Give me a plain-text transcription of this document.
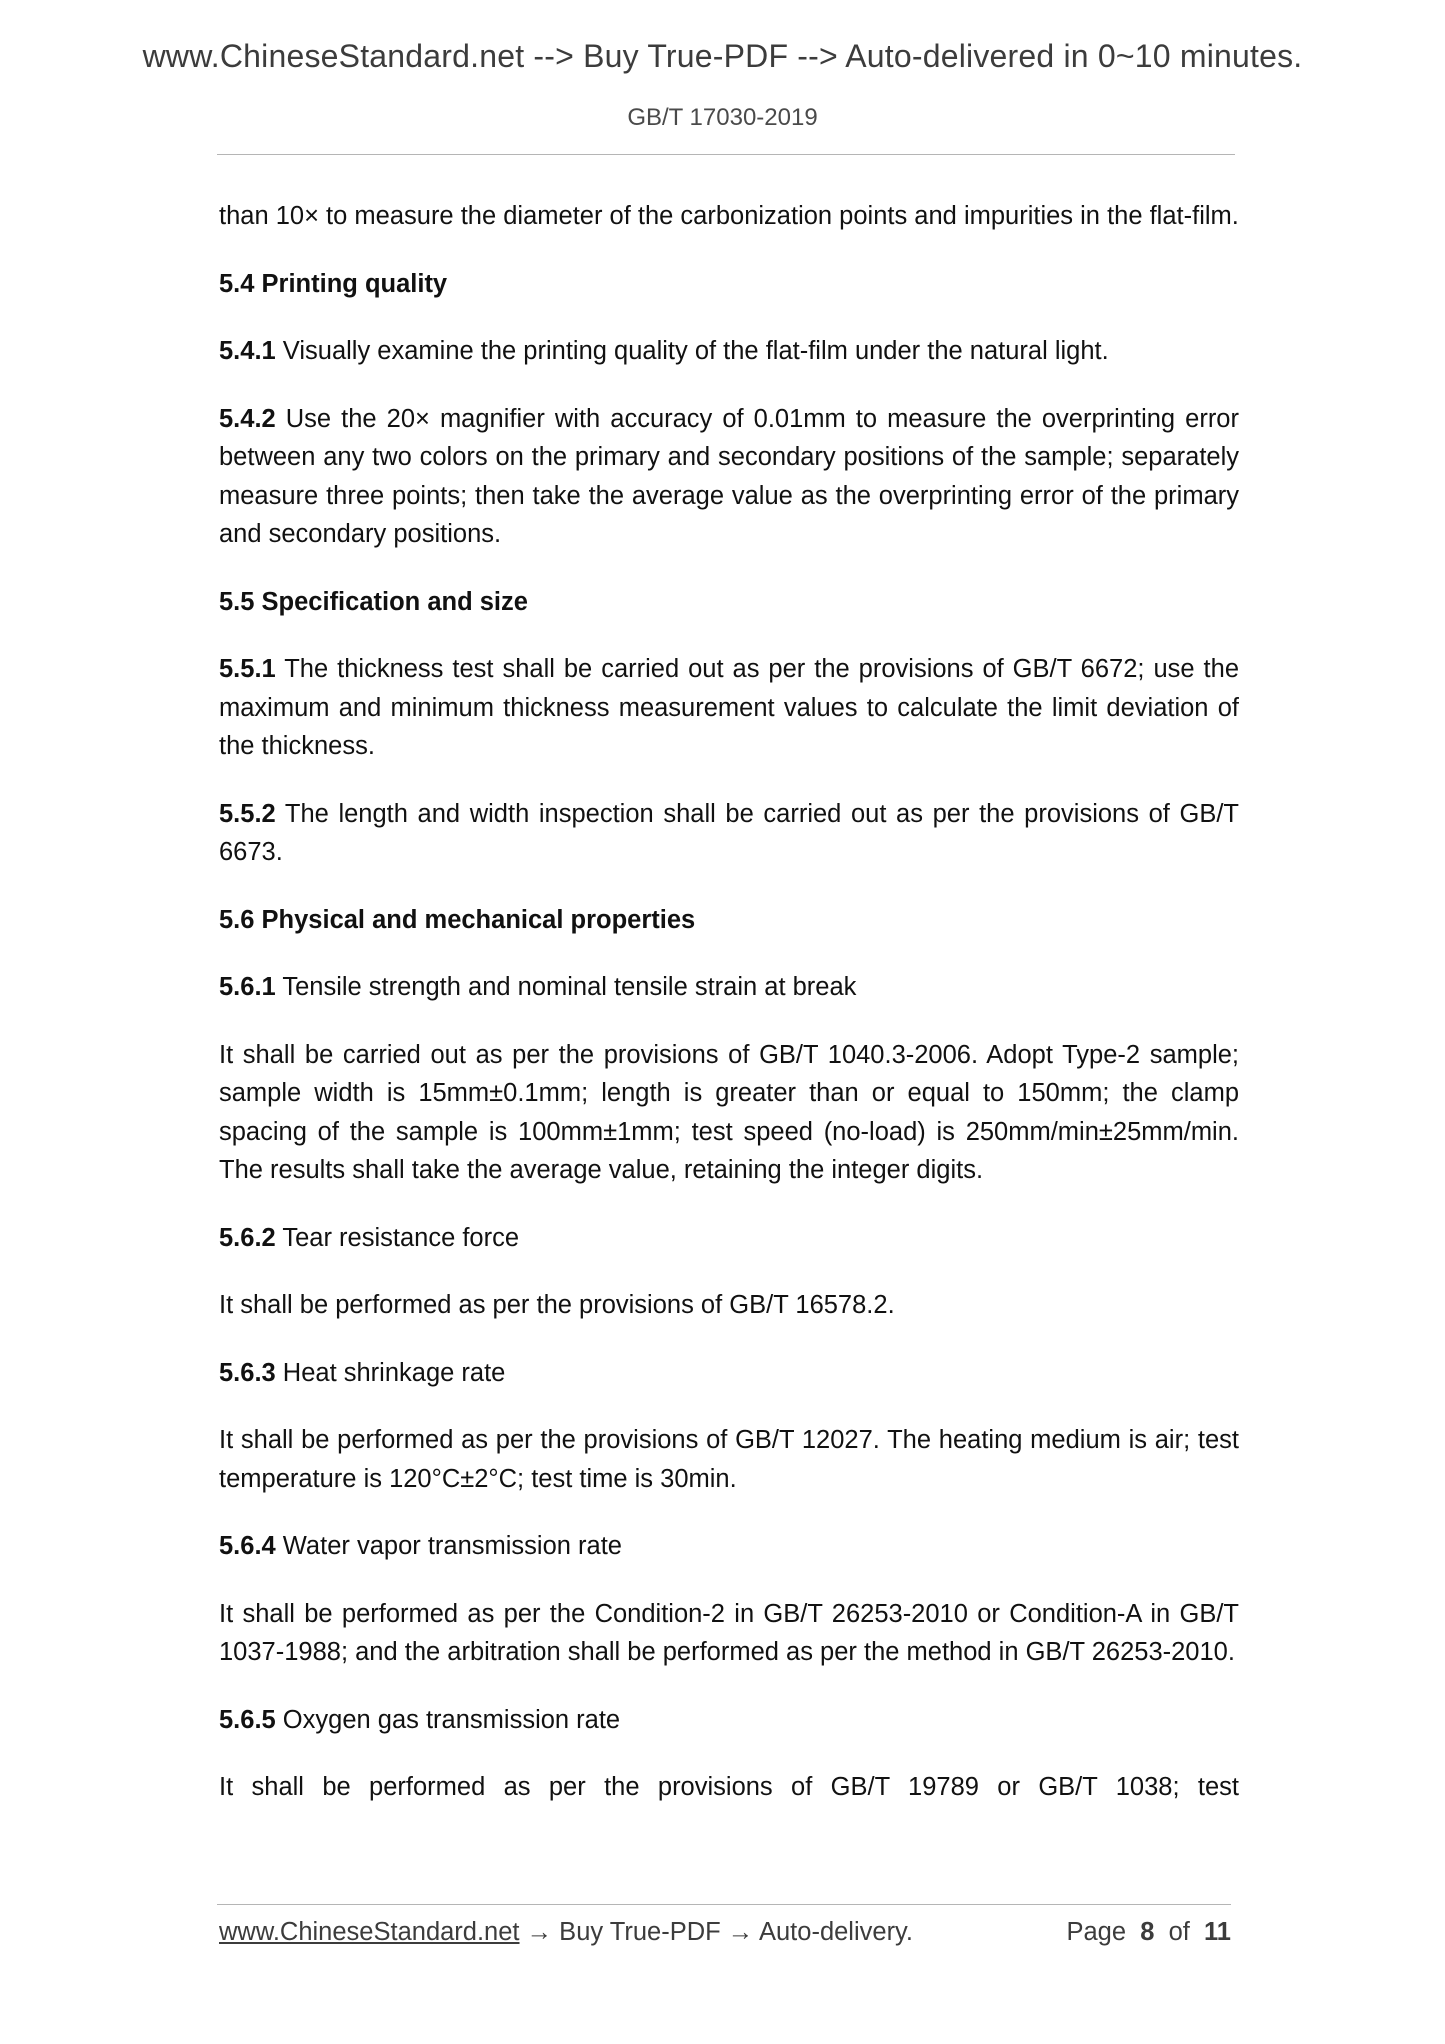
www.ChineseStandard.net --> Buy True-PDF --> Auto-delivered in 0~10 minutes.
GB/T 17030-2019

than 10× to measure the diameter of the carbonization points and impurities in the flat-film.

5.4 Printing quality

5.4.1 Visually examine the printing quality of the flat-film under the natural light.

5.4.2 Use the 20× magnifier with accuracy of 0.01mm to measure the overprinting error between any two colors on the primary and secondary positions of the sample; separately measure three points; then take the average value as the overprinting error of the primary and secondary positions.

5.5 Specification and size

5.5.1 The thickness test shall be carried out as per the provisions of GB/T 6672; use the maximum and minimum thickness measurement values to calculate the limit deviation of the thickness.

5.5.2 The length and width inspection shall be carried out as per the provisions of GB/T 6673.

5.6 Physical and mechanical properties

5.6.1 Tensile strength and nominal tensile strain at break

It shall be carried out as per the provisions of GB/T 1040.3-2006. Adopt Type-2 sample; sample width is 15mm±0.1mm; length is greater than or equal to 150mm; the clamp spacing of the sample is 100mm±1mm; test speed (no-load) is 250mm/min±25mm/min. The results shall take the average value, retaining the integer digits.

5.6.2 Tear resistance force

It shall be performed as per the provisions of GB/T 16578.2.

5.6.3 Heat shrinkage rate

It shall be performed as per the provisions of GB/T 12027. The heating medium is air; test temperature is 120°C±2°C; test time is 30min.

5.6.4 Water vapor transmission rate

It shall be performed as per the Condition-2 in GB/T 26253-2010 or Condition-A in GB/T 1037-1988; and the arbitration shall be performed as per the method in GB/T 26253-2010.

5.6.5 Oxygen gas transmission rate

It shall be performed as per the provisions of GB/T 19789 or GB/T 1038; test

www.ChineseStandard.net → Buy True-PDF → Auto-delivery.	Page 8 of 11
